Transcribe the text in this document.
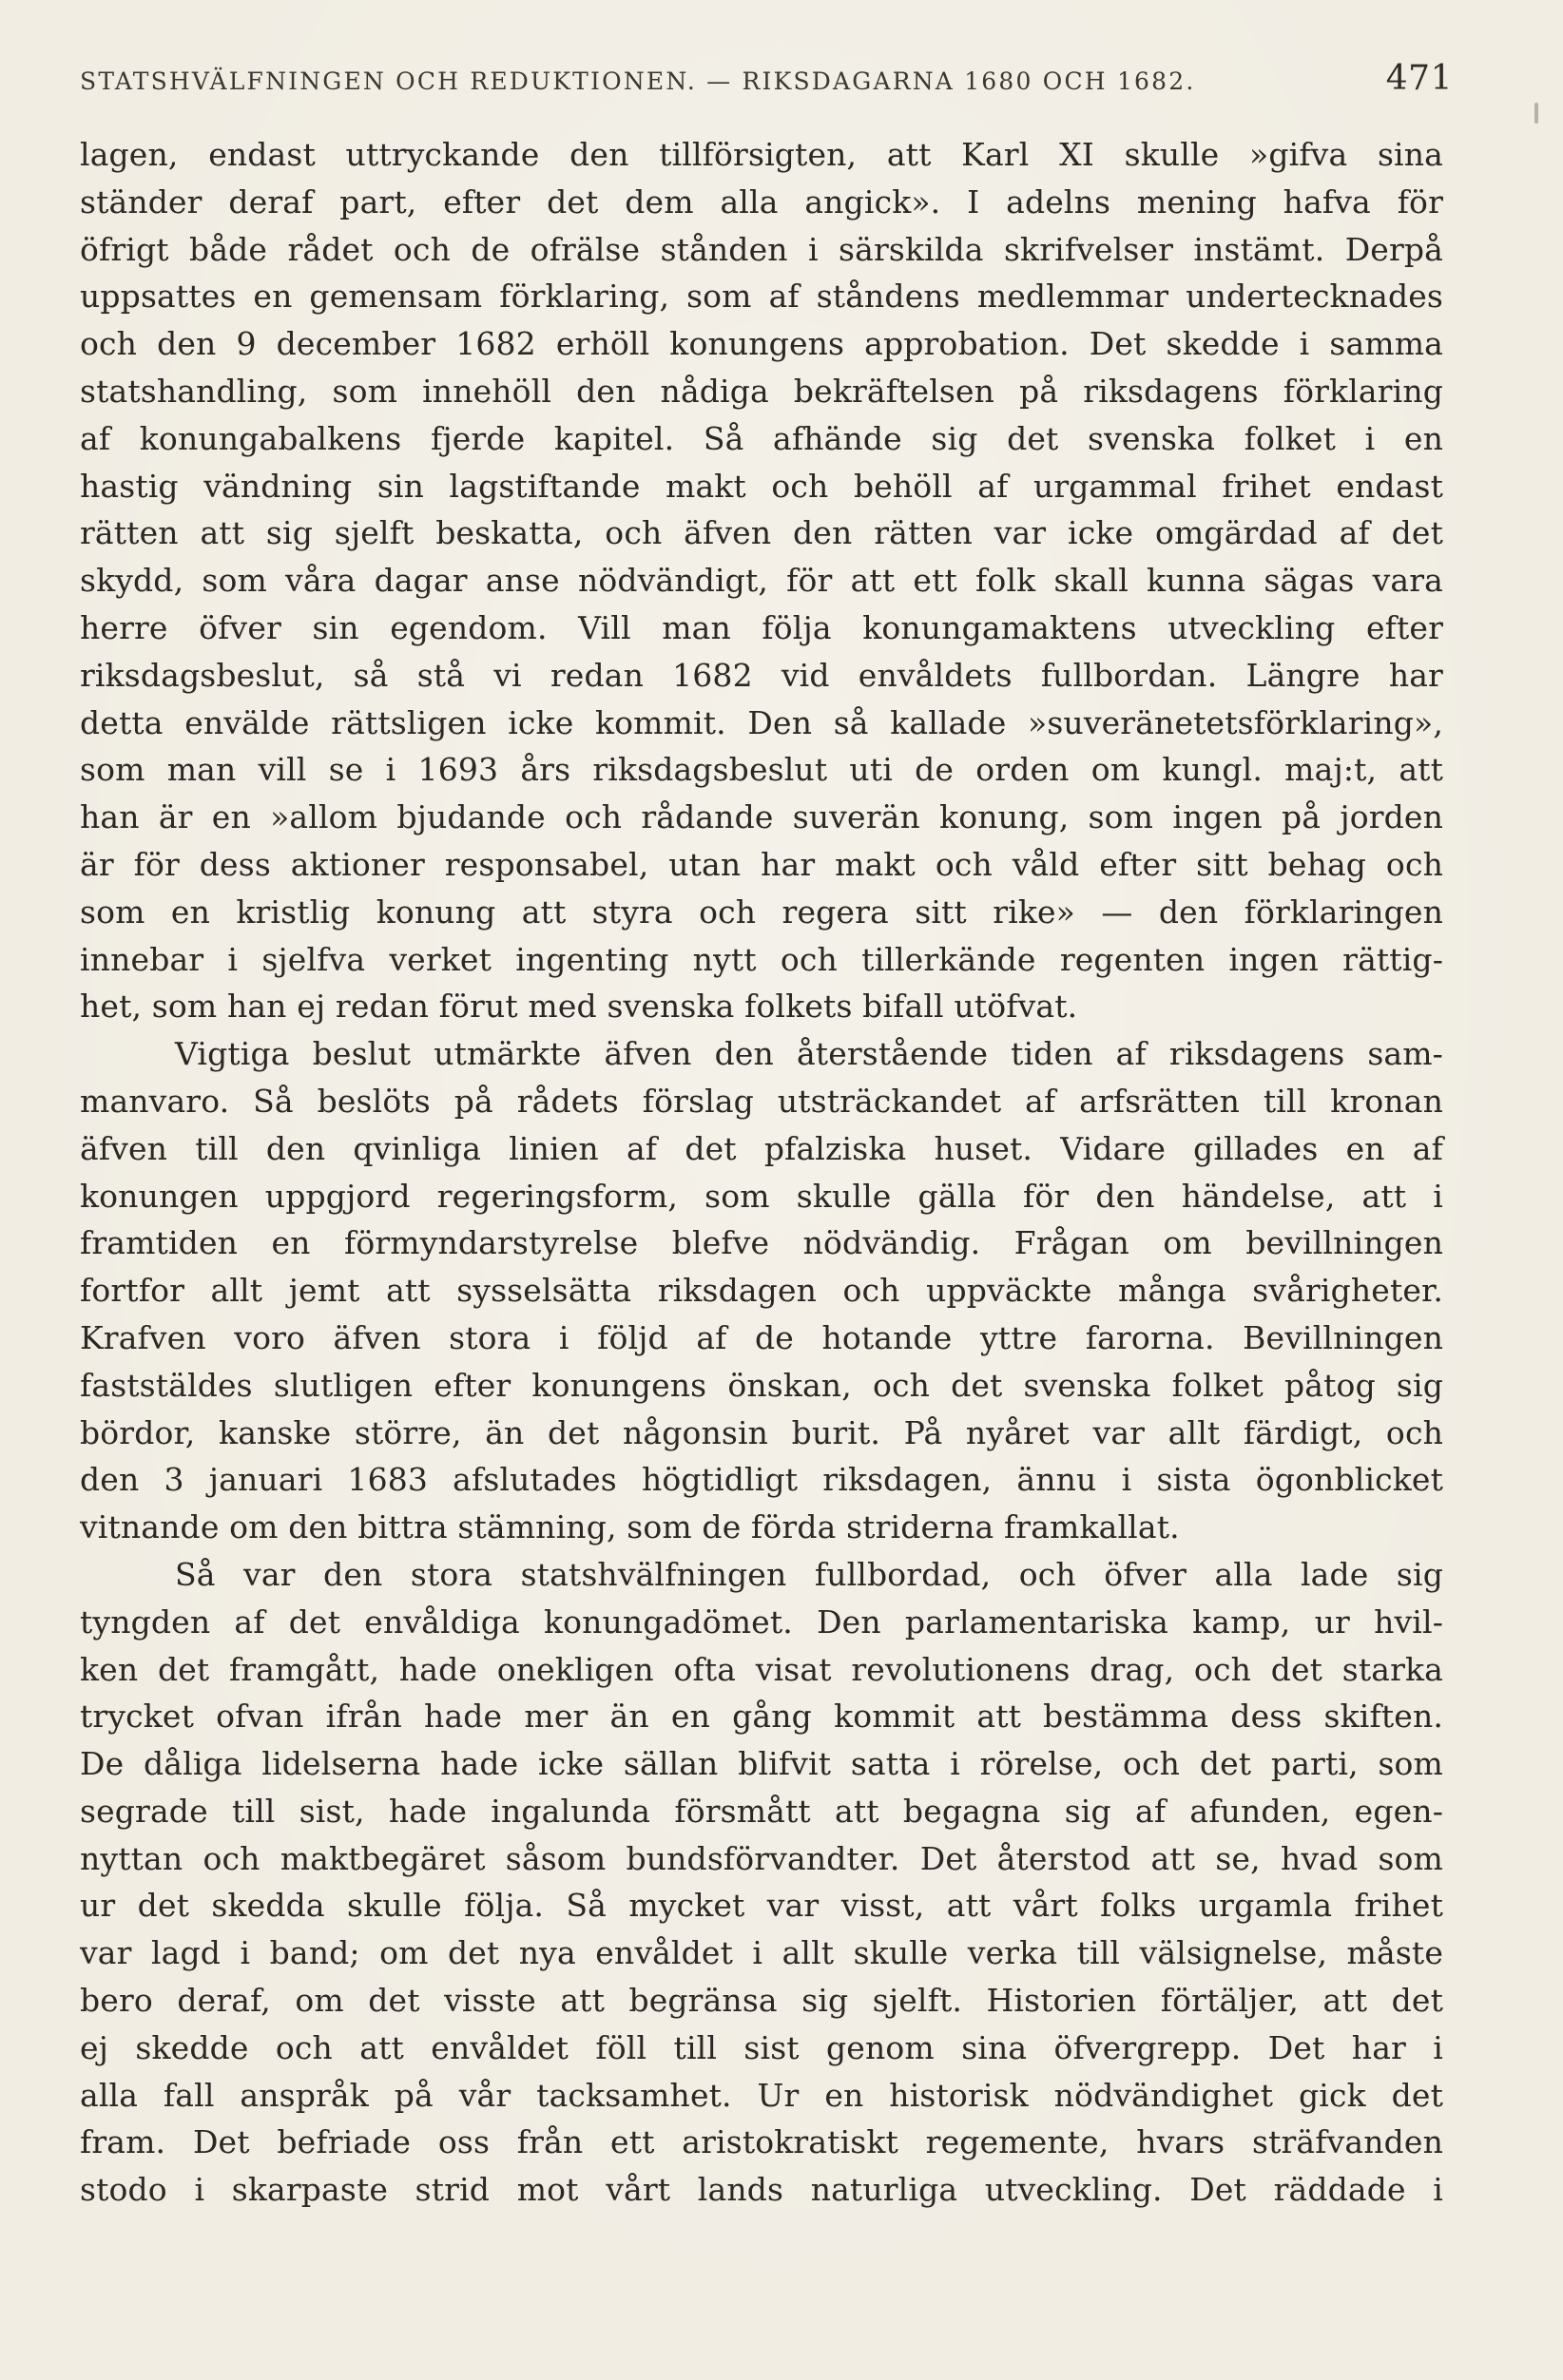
STATSHVÄLFNINGEN OCH REDUKTIONEN. — RIKSDAGARNA 1680 OCH 1682.	471
lagen, endast uttryckande den tillförsigten, att Karl XI skulle »gifva sina
ständer deraf part, efter det dem alla angick». I adelns mening hafva för
öfrigt både rådet och de ofrälse stånden i särskilda skrifvelser instämt. Derpå
uppsattes en gemensam förklaring, som af ståndens medlemmar undertecknades
och den 9 december 1682 erhöll konungens approbation. Det skedde i samma
statshandling, som innehöll den nådiga bekräftelsen på riksdagens förklaring
af konungabalkens fjerde kapitel. Så afhände sig det svenska folket i en
hastig vändning sin lagstiftande makt och behöll af urgammal frihet endast
rätten att sig sjelft beskatta, och äfven den rätten var icke omgärdad af det
skydd, som våra dagar anse nödvändigt, för att ett folk skall kunna sägas vara
herre öfver sin egendom. Vill man följa konungamaktens utveckling efter
riksdagsbeslut, så stå vi redan 1682 vid envåldets fullbordan. Längre har
detta envälde rättsligen icke kommit. Den så kallade »suveränetetsförklaring»,
som man vill se i 1693 års riksdagsbeslut uti de orden om kungl. maj:t, att
han är en »allom bjudande och rådande suverän konung, som ingen på jorden
är för dess aktioner responsabel, utan har makt och våld efter sitt behag och
som en kristlig konung att styra och regera sitt rike» — den förklaringen
innebar i sjelfva verket ingenting nytt och tillerkände regenten ingen rättig-
het, som han ej redan förut med svenska folkets bifall utöfvat.
Vigtiga beslut utmärkte äfven den återstående tiden af riksdagens sam-
manvaro. Så beslöts på rådets förslag utsträckandet af arfsrätten till kronan
äfven till den qvinliga linien af det pfalziska huset. Vidare gillades en af
konungen uppgjord regeringsform, som skulle gälla för den händelse, att i
framtiden en förmyndarstyrelse blefve nödvändig. Frågan om bevillningen
fortfor allt jemt att sysselsätta riksdagen och uppväckte många svårigheter.
Krafven voro äfven stora i följd af de hotande yttre farorna. Bevillningen
faststäldes slutligen efter konungens önskan, och det svenska folket påtog sig
bördor, kanske större, än det någonsin burit. På nyåret var allt färdigt, och
den 3 januari 1683 afslutades högtidligt riksdagen, ännu i sista ögonblicket
vitnande om den bittra stämning, som de förda striderna framkallat.
Så var den stora statshvälfningen fullbordad, och öfver alla lade sig
tyngden af det envåldiga konungadömet. Den parlamentariska kamp, ur hvil-
ken det framgått, hade onekligen ofta visat revolutionens drag, och det starka
trycket ofvan ifrån hade mer än en gång kommit att bestämma dess skiften.
De dåliga lidelserna hade icke sällan blifvit satta i rörelse, och det parti, som
segrade till sist, hade ingalunda försmått att begagna sig af afunden, egen-
nyttan och maktbegäret såsom bundsförvandter. Det återstod att se, hvad som
ur det skedda skulle följa. Så mycket var visst, att vårt folks urgamla frihet
var lagd i band; om det nya envåldet i allt skulle verka till välsignelse, måste
bero deraf, om det visste att begränsa sig sjelft. Historien förtäljer, att det
ej skedde och att envåldet föll till sist genom sina öfvergrepp. Det har i
alla fall anspråk på vår tacksamhet. Ur en historisk nödvändighet gick det
fram. Det befriade oss från ett aristokratiskt regemente, hvars sträfvanden
stodo i skarpaste strid mot vårt lands naturliga utveckling. Det räddade i
